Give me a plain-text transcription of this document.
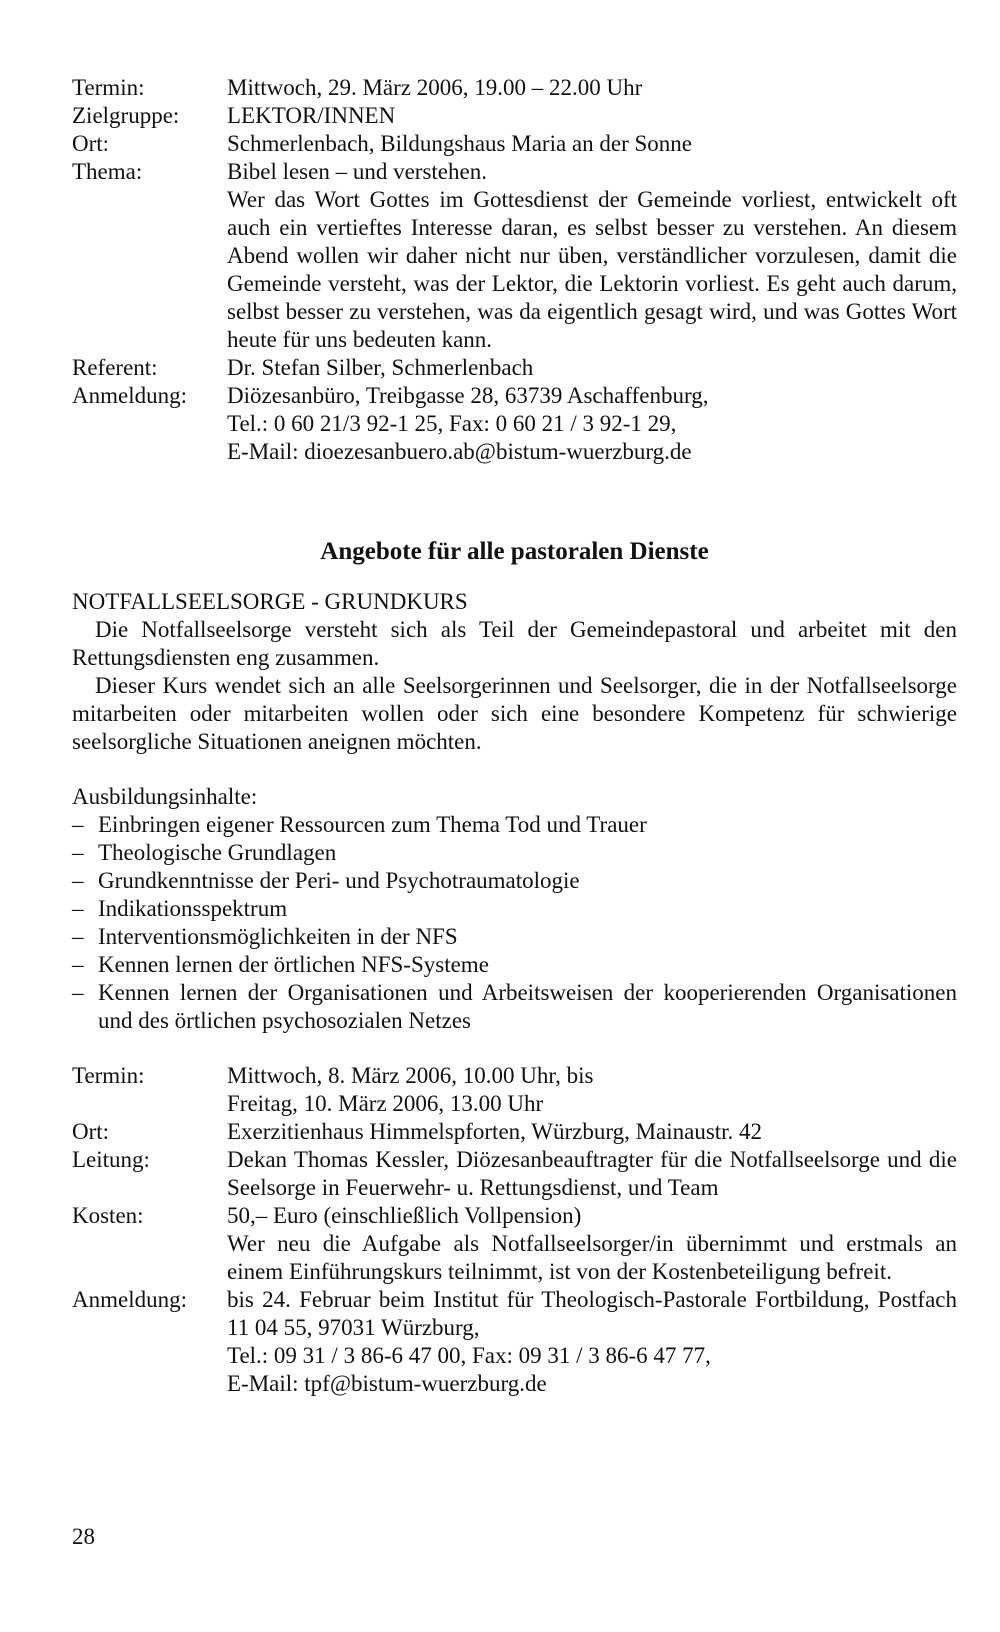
Termin:	Mittwoch, 29. März 2006, 19.00 – 22.00 Uhr
Zielgruppe:	LEKTOR/INNEN
Ort:	Schmerlenbach, Bildungshaus Maria an der Sonne
Thema:	Bibel lesen – und verstehen.
Wer das Wort Gottes im Gottesdienst der Gemeinde vorliest, entwickelt oft auch ein vertieftes Interesse daran, es selbst besser zu verstehen. An diesem Abend wollen wir daher nicht nur üben, verständlicher vorzulesen, damit die Gemeinde versteht, was der Lektor, die Lektorin vorliest. Es geht auch darum, selbst besser zu verstehen, was da eigentlich gesagt wird, und was Gottes Wort heute für uns bedeuten kann.
Referent:	Dr. Stefan Silber, Schmerlenbach
Anmeldung:	Diözesanbüro, Treibgasse 28, 63739 Aschaffenburg,
Tel.: 0 60 21/3 92-1 25, Fax: 0 60 21 / 3 92-1 29,
E-Mail: dioezesanbuero.ab@bistum-wuerzburg.de
Angebote für alle pastoralen Dienste
NOTFALLSEELSORGE - GRUNDKURS

Die Notfallseelsorge versteht sich als Teil der Gemeindepastoral und arbeitet mit den Rettungsdiensten eng zusammen.

Dieser Kurs wendet sich an alle Seelsorgerinnen und Seelsorger, die in der Notfallseelsorge mitarbeiten oder mitarbeiten wollen oder sich eine besondere Kompetenz für schwierige seelsorgliche Situationen aneignen möchten.

Ausbildungsinhalte:
– Einbringen eigener Ressourcen zum Thema Tod und Trauer
– Theologische Grundlagen
– Grundkenntnisse der Peri- und Psychotraumatologie
– Indikationsspektrum
– Interventionsmöglichkeiten in der NFS
– Kennen lernen der örtlichen NFS-Systeme
– Kennen lernen der Organisationen und Arbeitsweisen der kooperierenden Organisationen und des örtlichen psychosozialen Netzes
Termin:	Mittwoch, 8. März 2006, 10.00 Uhr, bis
Freitag, 10. März 2006, 13.00 Uhr
Ort:	Exerzitienhaus Himmelspforten, Würzburg, Mainaustr. 42
Leitung:	Dekan Thomas Kessler, Diözesanbeauftragter für die Notfallseelsorge und die Seelsorge in Feuerwehr- u. Rettungsdienst, und Team
Kosten:	50,– Euro (einschließlich Vollpension)
Wer neu die Aufgabe als Notfallseelsorger/in übernimmt und erstmals an einem Einführungskurs teilnimmt, ist von der Kostenbeteiligung befreit.
Anmeldung:	bis 24. Februar beim Institut für Theologisch-Pastorale Fortbildung, Postfach 11 04 55, 97031 Würzburg,
Tel.: 09 31 / 3 86-6 47 00, Fax: 09 31 / 3 86-6 47 77,
E-Mail: tpf@bistum-wuerzburg.de
28
